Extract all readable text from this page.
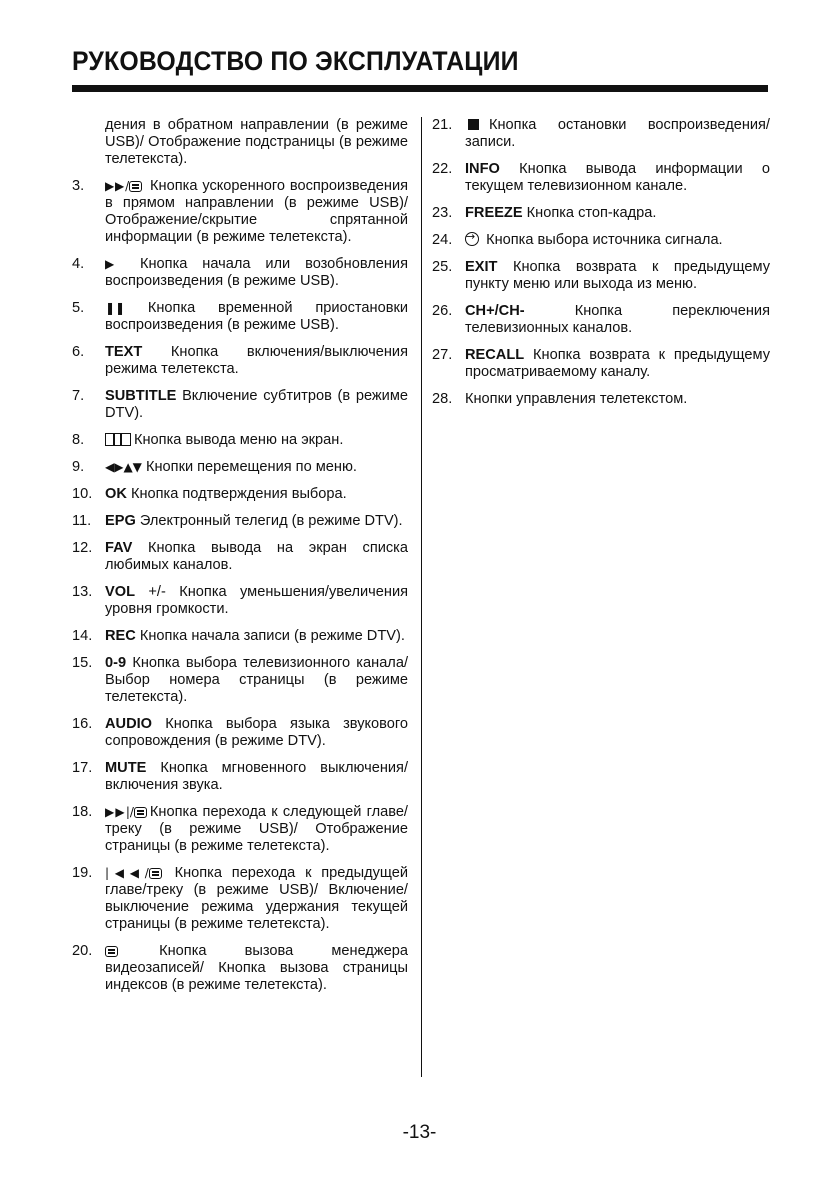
РУКОВОДСТВО ПО ЭКСПЛУАТАЦИИ
дения в обратном направлении (в режиме USB)/ Отображение подстраницы (в режиме телетекста).
3.	▶▶/ Кнопка ускоренного воспроизведения в прямом направлении (в режиме USB)/ Отображение/скрытие спрятанной информации (в режиме телетекста).
4.	▶ Кнопка начала или возобновления воспроизведения (в режиме USB).
5.	❚❚ Кнопка временной приостановки воспроизведения (в режиме USB).
6.	TEXT Кнопка включения/выключения режима телетекста.
7.	SUBTITLE Включение субтитров (в режиме DTV).
8.	Кнопка вывода меню на экран.
9.	◀▶▲▼ Кнопки перемещения по меню.
10. OK Кнопка подтверждения выбора.
11. EPG Электронный телегид (в режиме DTV).
12. FAV Кнопка вывода на экран списка любимых каналов.
13. VOL +/- Кнопка уменьшения/увеличения уровня громкости.
14. REC Кнопка начала записи (в режиме DTV).
15. 0-9 Кнопка выбора телевизионного канала/ Выбор номера страницы (в режиме телетекста).
16. AUDIO Кнопка выбора языка звукового сопровождения (в режиме DTV).
17. MUTE Кнопка мгновенного выключения/ включения звука.
18.	▶▶|/ Кнопка перехода к следующей главе/треку (в режиме USB)/ Отображение страницы (в режиме телетекста).
19.	|◀◀/ Кнопка перехода к предыдущей главе/треку (в режиме USB)/ Включение/ выключение режима удержания текущей страницы (в режиме телетекста).
20.	Кнопка вызова менеджера видеозаписей/ Кнопка вызова страницы индексов (в режиме телетекста).
21.	Кнопка остановки воспроизведения/ записи.
22. INFO Кнопка вывода информации о текущем телевизионном канале.
23. FREEZE Кнопка стоп-кадра.
24.
→	Кнопка выбора источника сигнала.
25. EXIT Кнопка возврата к предыдущему пункту меню или выхода из меню.
26. CH+/CH-	Кнопка переключения телевизионных каналов.
27. RECALL Кнопка возврата к предыдущему просматриваемому каналу.
28. Кнопки управления телетекстом.
-13-
